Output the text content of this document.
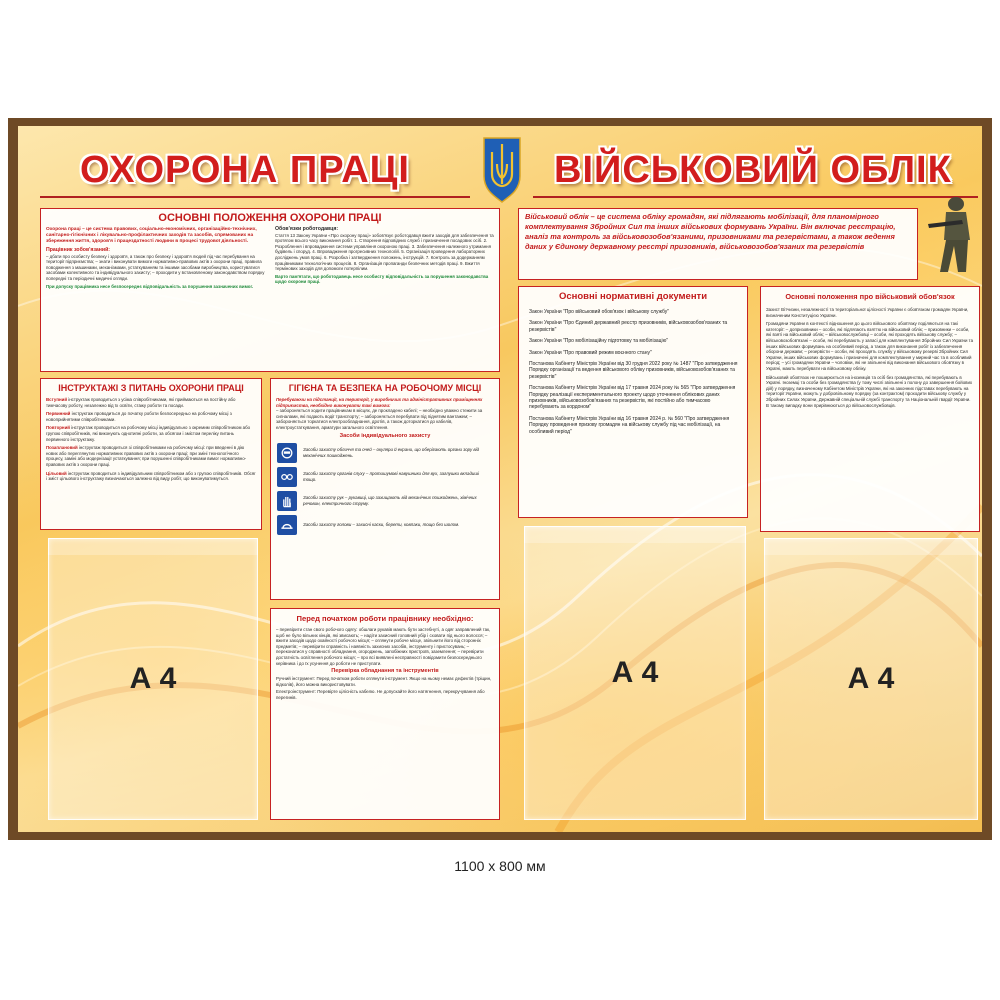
ОХОРОНА ПРАЦІ	ВІЙСЬКОВИЙ ОБЛІК
ОСНОВНІ ПОЛОЖЕННЯ ОХОРОНИ ПРАЦІ
Охорона праці – це система правових, соціально-економічних, організаційно-технічних, санітарно-гігієнічних і лікувально-профілактичних заходів та засобів, спрямованих на збереження життя, здоров'я і працездатності людини в процесі трудової діяльності.
Працівник зобов'язаний:
– дбати про особисту безпеку і здоров'я, а також про безпеку і здоров'я людей під час перебування на території підприємства; – знати і виконувати вимоги нормативно-правових актів з охорони праці, правила поводження з машинами, механізмами, устаткуванням та іншими засобами виробництва, користуватися засобами колективного та індивідуального захисту; – проходити у встановленому законодавством порядку попередні та періодичні медичні огляди.
При допуску працівника несе безпосереднє відповідальність за порушення зазначених вимог.
Обов'язки роботодавця:
Стаття 13 Закону України «Про охорону праці» зобов'язує роботодавця вжити заходів для забезпечення та протягом всього часу виконання робіт. 1. Створення відповідних служб і призначення посадових осіб. 2. Розроблення і впровадження системи управління охороною праці. 3. Забезпечення належного утримання будівель і споруд. 4. Впровадження прогресивних технологій. 5. Організація проведення лабораторних досліджень умов праці. 6. Розробка і затвердження положень, інструкцій. 7. Контроль за додержанням працівниками технологічних процесів. 8. Організація пропаганди безпечних методів праці. 9. Вжиття термінових заходів для допомоги потерпілим.
Варто пам'ятати, що роботодавець несе особисту відповідальність за порушення законодавства щодо охорони праці.
ІНСТРУКТАЖІ З ПИТАНЬ ОХОРОНИ ПРАЦІ
Вступний інструктаж проводиться з усіма співробітниками, які приймаються на постійну або тимчасову роботу, незалежно від їх освіти, стажу роботи та посади.
Первинний інструктаж проводиться до початку роботи безпосередньо на робочому місці з новоприйнятими співробітниками.
Повторний інструктаж проводиться на робочому місці індивідуально з окремим співробітником або групою співробітників, які виконують однотипні роботи, за обсягом і змістом переліку питань первинного інструктажу.
Позаплановий інструктаж проводиться зі співробітниками на робочому місці: при введенні в дію нових або переглянутих нормативних правових актів з охорони праці; при зміні технологічного процесу, заміні або модернізації устаткування; при порушенні співробітниками вимог нормативно-правових актів з охорони праці.
Цільовий інструктаж проводиться з індивідуальним співробітником або з групою співробітників. Обсяг і зміст цільового інструктажу визначаються залежно від виду робіт, що виконуватимуться.
А 4
ГІГІЄНА ТА БЕЗПЕКА НА РОБОЧОМУ МІСЦІ
Перебуваючи на підстанції, на території, у виробничих та адміністративних приміщеннях підприємства, необхідно виконувати такі вимоги:
– забороняється ходити працівникам в місцях, де прокладено кабелі; – необхідно уважно стежити за сигналами, які подають водії транспорту; – забороняється перебувати під піднятим вантажем; – забороняється торкатися електрообладнання, дротів, а також доторкатися до кабелів, електроустаткування, арматури загального освітлення.
Засоби індивідуального захисту
Засоби захисту обличчя та очей – окуляри й екрани, що оберігають органи зору від механічних пошкоджень.
Засоби захисту органів слуху – протишумові навушники для вух, заглушки вкладиші тощо.
Засоби захисту рук – рукавиці, що захищають від механічних пошкоджень, хімічних речовин, електричного струму.
Засоби захисту голови – захисні каски, берети, ковпаки, тощо без шолом.
Перед початком роботи працівнику необхідно:
– перевірити стан свого робочого одягу: обшлаги рукавів мають бути застебнуті, а одяг заправлений так, щоб не було вільних кінців, які звисають; – надіти захисний головний убір і сховати під нього волосся; – вжити заходів щодо охайності робочого місця; – оглянути робоче місце, звільнити його від сторонніх предметів; – перевірити справність і наявність захисних засобів, інструменту і пристосувань; – переконатися у справності обладнання, огороджень, запобіжних пристроїв, заземлення; – перевірити достатність освітлення робочого місця; – про всі виявлені несправності повідомити безпосереднього керівника і до їх усунення до роботи не приступати.
Перевірка обладнання та інструментів
Ручний інструмент: Перед початком роботи оглянути інструмент. Якщо на ньому немає дефектів (тріщин, відколів), його можна використовувати.
Електроінструмент: Перевірте цілісність кабелю. Не допускайте його натягнення, перекручування або перегинів.
Військовий облік – це система обліку громадян, які підлягають мобілізації, для планомірного комплектування Збройних Сил та інших військових формувань України. Він включає реєстрацію, аналіз та контроль за військовозобов'язаними, призовниками та резервістами, а також ведення даних у Єдиному державному реєстрі призовників, військовозобов'язаних та резервістів
Основні нормативні документи
Закон України "Про військовий обов'язок і військову службу"
Закон України "Про Єдиний державний реєстр призовників, військовозобов'язаних та резервістів"
Закон України "Про мобілізаційну підготовку та мобілізацію"
Закон України "Про правовий режим воєнного стану"
Постанова Кабінету Міністрів України від 30 грудня 2022 року № 1487 "Про затвердження Порядку організації та ведення військового обліку призовників, військовозобов'язаних та резервістів"
Постанова Кабінету Міністрів України від 17 травня 2024 року № 565 "Про затвердження Порядку реалізації експериментального проекту щодо уточнення облікових даних призовників, військовозобов'язаних та резервістів, які постійно або тимчасово перебувають за кордоном"
Постанова Кабінету Міністрів України від 16 травня 2024 р. № 560 "Про затвердження Порядку проведення призову громадян на військову службу під час мобілізації, на особливий період"
Основні положення про військовий обов'язок
Захист Вітчизни, незалежності та територіальної цілісності України є обов'язком громадян України, визначеним Конституцією України.
Громадяни України в контексті відношення до цього військового обов'язку поділяються на такі категорії: – допризовники – особи, які підлягають взяттю на військовий облік; – призовники – особи, які взяті на військовий облік; – військовослужбовці – особи, які проходять військову службу; – військовозобов'язані – особи, які перебувають у запасі для комплектування Збройних Сил України та інших військових формувань на особливий період, а також для виконання робіт із забезпечення оборони держави; – резервісти – особи, які проходять службу у військовому резерві Збройних Сил України, інших військових формувань і призначені для комплектування у мирний час та в особливий період; – усі громадяни України – чоловіки, які не звільнені від виконання військового обов'язку в Україні, мають перебувати на військовому обліку.
Військовий обов'язок не поширюється на іноземців та осіб без громадянства, які перебувають в Україні. Іноземці та особи без громадянства (у тому числі звільнені з полону до завершення бойових дій) у порядку, визначеному Кабінетом Міністрів України, які на законних підставах перебувають на території України, можуть у добровільному порядку (за контрактом) проходити військову службу у Збройних Силах України, Державній спеціальній службі транспорту та Національній гвардії України. В такому випадку вони прирівнюються до військовослужбовців.
А 4	А 4
1100 x 800 мм
